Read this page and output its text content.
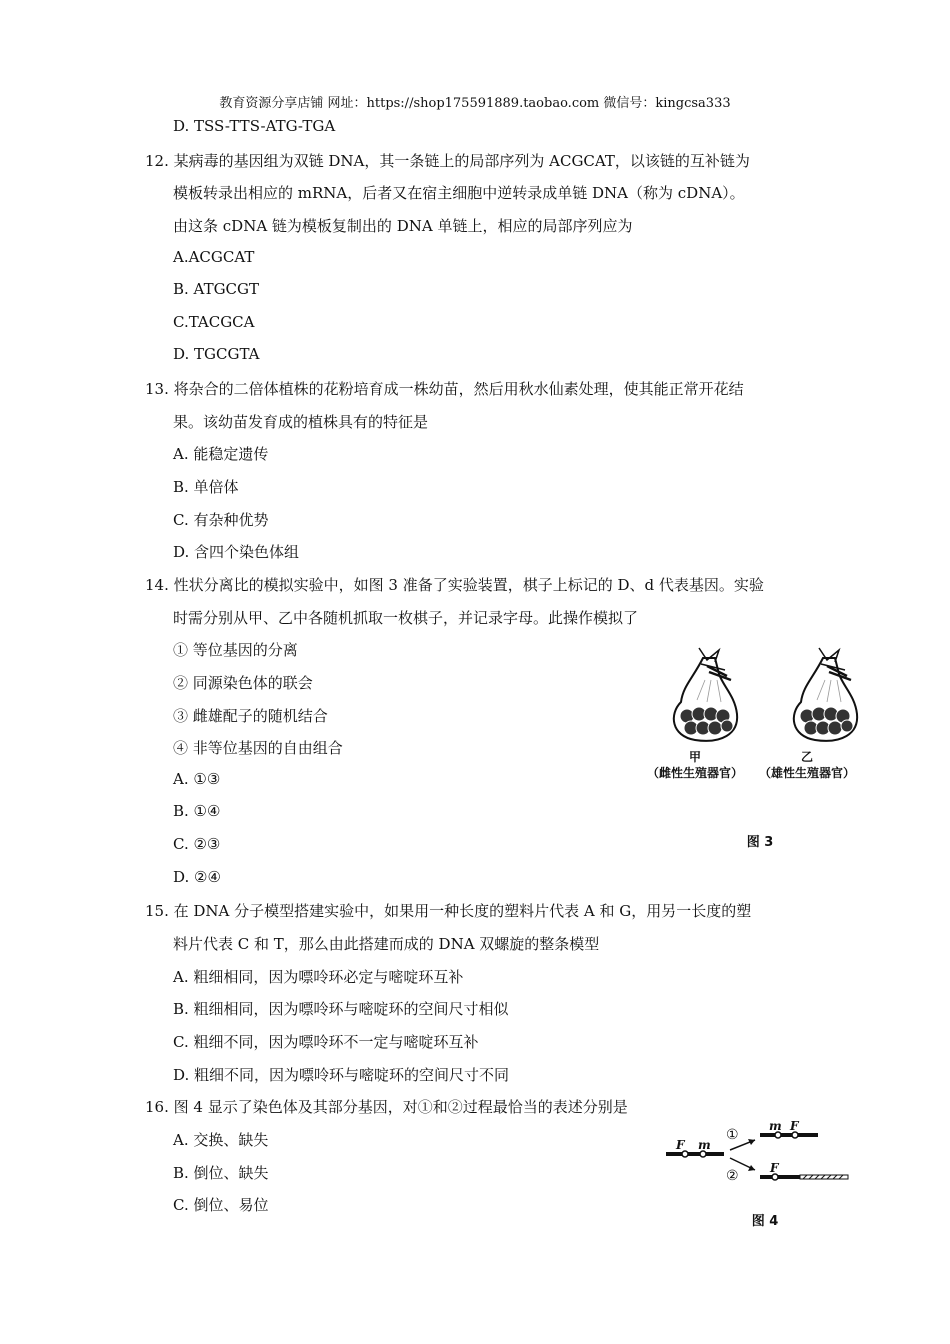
教育资源分享店铺 网址：https://shop175591889.taobao.com 微信号：kingcsa333
D. TSS-TTS-ATG-TGA
12. 某病毒的基因组为双链 DNA，其一条链上的局部序列为 ACGCAT，以该链的互补链为
模板转录出相应的 mRNA，后者又在宿主细胞中逆转录成单链 DNA（称为 cDNA）。
由这条 cDNA 链为模板复制出的 DNA 单链上，相应的局部序列应为
A.ACGCAT
B. ATGCGT
C.TACGCA
D. TGCGTA
13. 将杂合的二倍体植株的花粉培育成一株幼苗，然后用秋水仙素处理，使其能正常开花结
果。该幼苗发育成的植株具有的特征是
A. 能稳定遗传
B. 单倍体
C. 有杂种优势
D. 含四个染色体组
14. 性状分离比的模拟实验中，如图 3 准备了实验装置，棋子上标记的 D、d 代表基因。实验
时需分别从甲、乙中各随机抓取一枚棋子，并记录字母。此操作模拟了
① 等位基因的分离
② 同源染色体的联会
③ 雌雄配子的随机结合
④ 非等位基因的自由组合
A. ①③
B. ①④
C. ②③
D. ②④
甲
（雌性生殖器官）
乙
（雄性生殖器官）
图 3
15. 在 DNA 分子模型搭建实验中，如果用一种长度的塑料片代表 A 和 G，用另一长度的塑
料片代表 C 和 T，那么由此搭建而成的 DNA 双螺旋的整条模型
A. 粗细相同，因为嘌呤环必定与嘧啶环互补
B. 粗细相同，因为嘌呤环与嘧啶环的空间尺寸相似
C. 粗细不同，因为嘌呤环不一定与嘧啶环互补
D. 粗细不同，因为嘌呤环与嘧啶环的空间尺寸不同
16. 图 4 显示了染色体及其部分基因，对①和②过程最恰当的表述分别是
A. 交换、缺失
B. 倒位、缺失
C. 倒位、易位
F m
①
②
m F
F
图 4
